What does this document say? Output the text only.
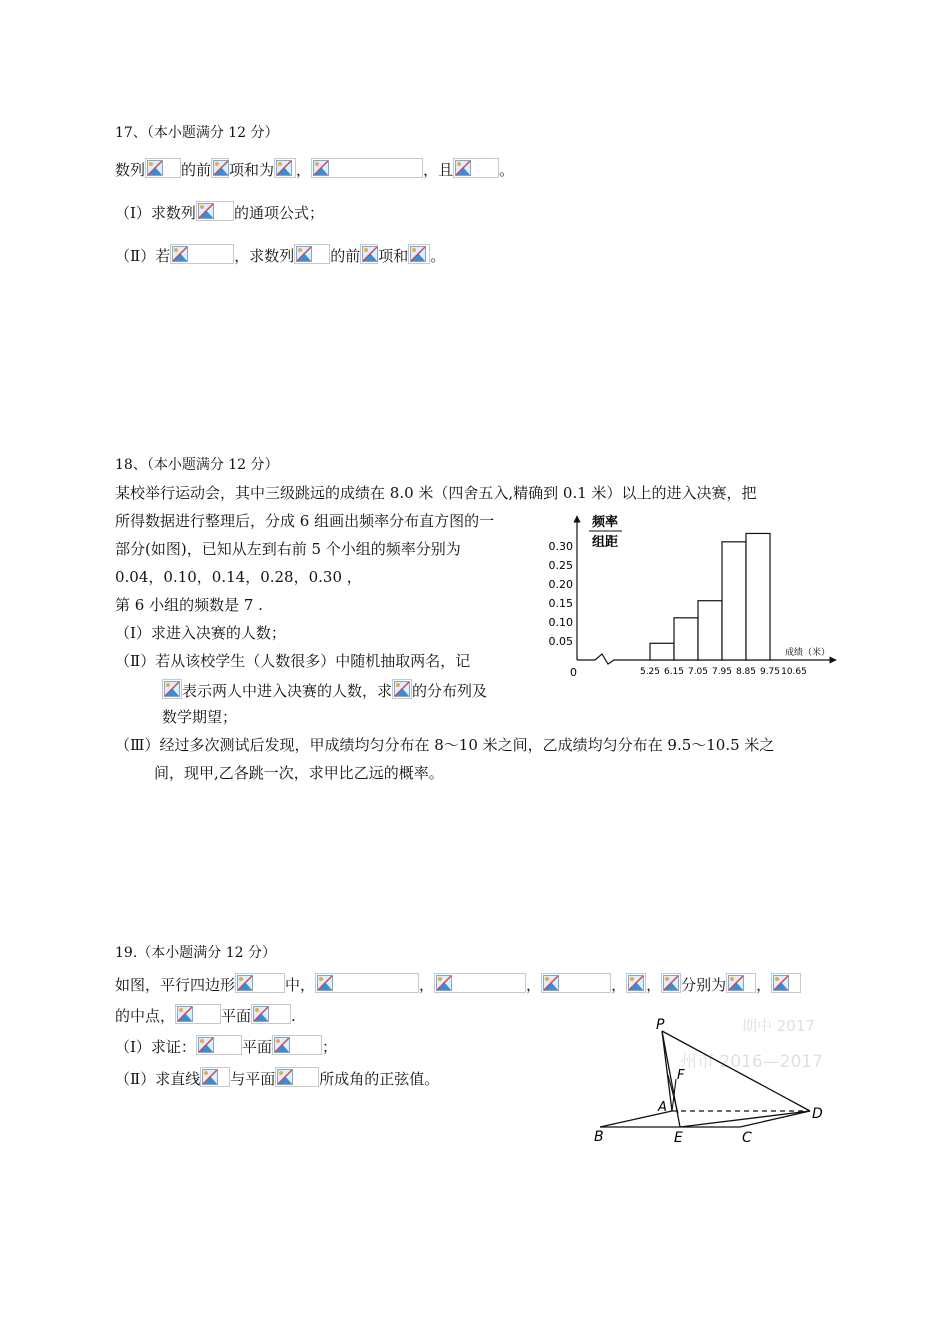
17、（本小题满分 12 分）
数列 的前 项和为 ，	，且	。
（Ⅰ）求数列	的通项公式；
（Ⅱ）若	，求数列 的前 项和 。
18、（本小题满分 12 分）
某校举行运动会，其中三级跳远的成绩在 8.0 米（四舍五入,精确到 0.1 米）以上的进入决赛，把
所得数据进行整理后，分成 6 组画出频率分布直方图的一
部分(如图)，已知从左到右前 5 个小组的频率分别为
0.04，0.10，0.14，0.28，0.30 ，
第 6 小组的频数是 7 .
（Ⅰ）求进入决赛的人数；
（Ⅱ）若从该校学生（人数很多）中随机抽取两名，记
表示两人中进入决赛的人数，求 的分布列及
数学期望；
（Ⅲ）经过多次测试后发现，甲成绩均匀分布在 8～10 米之间，乙成绩均匀分布在 9.5～10.5 米之
间，现甲,乙各跳一次，求甲比乙远的概率。
频率
组距
成绩（米）
0	5.25 6.15 7.05 7.95 8.85 9.75 10.65
0.05
0.10
0.15
0.20
0.25
0.30
19.（本小题满分 12 分）
如图，平行四边形	中，	，	，	， ， 分别为 ，
的中点，	平面	.
（Ⅰ）求证：	平面	；
（Ⅱ）求直线 与平面	所成角的正弦值。
期中 2017
州市 2016—2017
P
F
A
B	E	C
D
